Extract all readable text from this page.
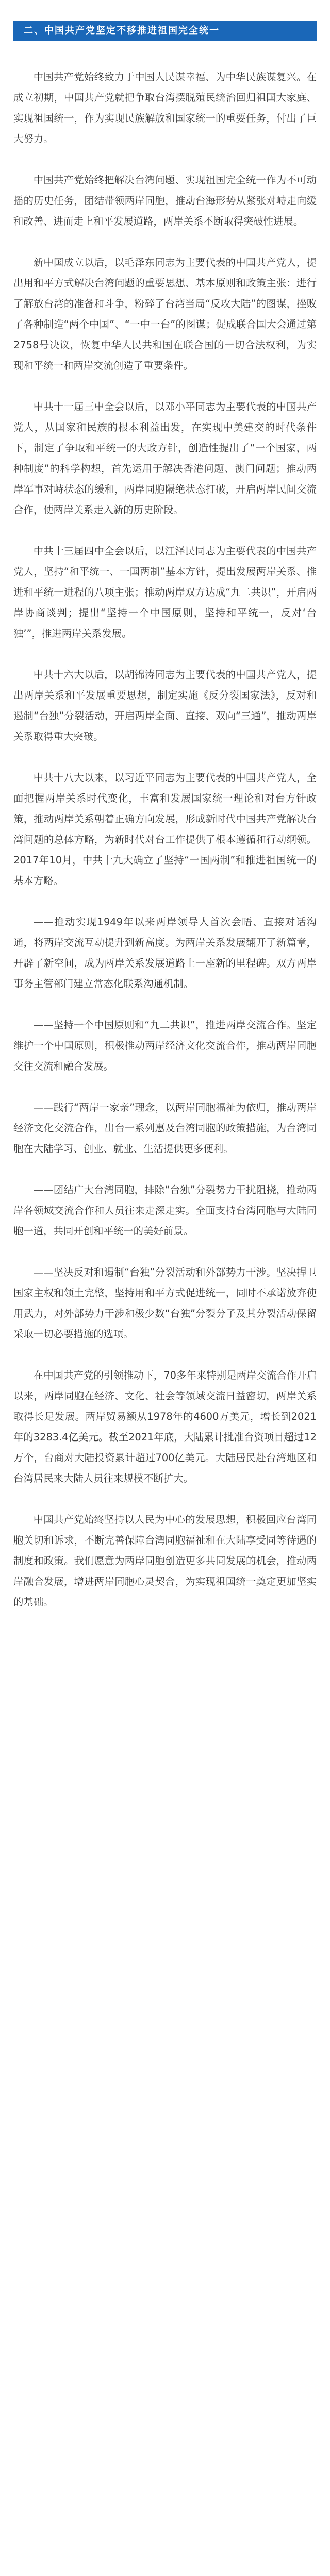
二、中国共产党坚定不移推进祖国完全统一

中国共产党始终致力于中国人民谋幸福、为中华民族谋复兴。在成立初期，中国共产党就把争取台湾摆脱殖民统治回归祖国大家庭、实现祖国统一，作为实现民族解放和国家统一的重要任务，付出了巨大努力。

中国共产党始终把解决台湾问题、实现祖国完全统一作为不可动摇的历史任务，团结带领两岸同胞，推动台海形势从紧张对峙走向缓和改善、进而走上和平发展道路，两岸关系不断取得突破性进展。

新中国成立以后，以毛泽东同志为主要代表的中国共产党人，提出用和平方式解决台湾问题的重要思想、基本原则和政策主张：进行了解放台湾的准备和斗争，粉碎了台湾当局“反攻大陆”的图谋，挫败了各种制造“两个中国”、“一中一台”的图谋；促成联合国大会通过第2758号决议，恢复中华人民共和国在联合国的一切合法权利，为实现和平统一和两岸交流创造了重要条件。

中共十一届三中全会以后，以邓小平同志为主要代表的中国共产党人，从国家和民族的根本利益出发，在实现中美建交的时代条件下，制定了争取和平统一的大政方针，创造性提出了“一个国家，两种制度”的科学构想，首先运用于解决香港问题、澳门问题；推动两岸军事对峙状态的缓和，两岸同胞隔绝状态打破，开启两岸民间交流合作，使两岸关系走入新的历史阶段。

中共十三届四中全会以后，以江泽民同志为主要代表的中国共产党人，坚持“和平统一、一国两制”基本方针，提出发展两岸关系、推进和平统一进程的八项主张；推动两岸双方达成“九二共识”，开启两岸协商谈判；提出“坚持一个中国原则，坚持和平统一，反对‘台独’”，推进两岸关系发展。

中共十六大以后，以胡锦涛同志为主要代表的中国共产党人，提出两岸关系和平发展重要思想，制定实施《反分裂国家法》，反对和遏制“台独”分裂活动，开启两岸全面、直接、双向“三通”，推动两岸关系取得重大突破。

中共十八大以来，以习近平同志为主要代表的中国共产党人，全面把握两岸关系时代变化，丰富和发展国家统一理论和对台方针政策，推动两岸关系朝着正确方向发展，形成新时代中国共产党解决台湾问题的总体方略，为新时代对台工作提供了根本遵循和行动纲领。2017年10月，中共十九大确立了坚持“一国两制”和推进祖国统一的基本方略。

——推动实现1949年以来两岸领导人首次会晤、直接对话沟通，将两岸交流互动提升到新高度。为两岸关系发展翻开了新篇章，开辟了新空间，成为两岸关系发展道路上一座新的里程碑。双方两岸事务主管部门建立常态化联系沟通机制。

——坚持一个中国原则和“九二共识”，推进两岸交流合作。坚定维护一个中国原则，积极推动两岸经济文化交流合作，推动两岸同胞交往交流和融合发展。

——践行“两岸一家亲”理念，以两岸同胞福祉为依归，推动两岸经济文化交流合作，出台一系列惠及台湾同胞的政策措施，为台湾同胞在大陆学习、创业、就业、生活提供更多便利。

——团结广大台湾同胞，排除“台独”分裂势力干扰阻挠，推动两岸各领域交流合作和人员往来走深走实。全面支持台湾同胞与大陆同胞一道，共同开创和平统一的美好前景。

——坚决反对和遏制“台独”分裂活动和外部势力干涉。坚决捍卫国家主权和领土完整，坚持用和平方式促进统一，同时不承诺放弃使用武力，对外部势力干涉和极少数“台独”分裂分子及其分裂活动保留采取一切必要措施的选项。

在中国共产党的引领推动下，70多年来特别是两岸交流合作开启以来，两岸同胞在经济、文化、社会等领域交流日益密切，两岸关系取得长足发展。两岸贸易额从1978年的4600万美元，增长到2021年的3283.4亿美元。截至2021年底，大陆累计批准台资项目超过12万个，台商对大陆投资累计超过700亿美元。大陆居民赴台湾地区和台湾居民来大陆人员往来规模不断扩大。

中国共产党始终坚持以人民为中心的发展思想，积极回应台湾同胞关切和诉求，不断完善保障台湾同胞福祉和在大陆享受同等待遇的制度和政策。我们愿意为两岸同胞创造更多共同发展的机会，推动两岸融合发展，增进两岸同胞心灵契合，为实现祖国统一奠定更加坚实的基础。
